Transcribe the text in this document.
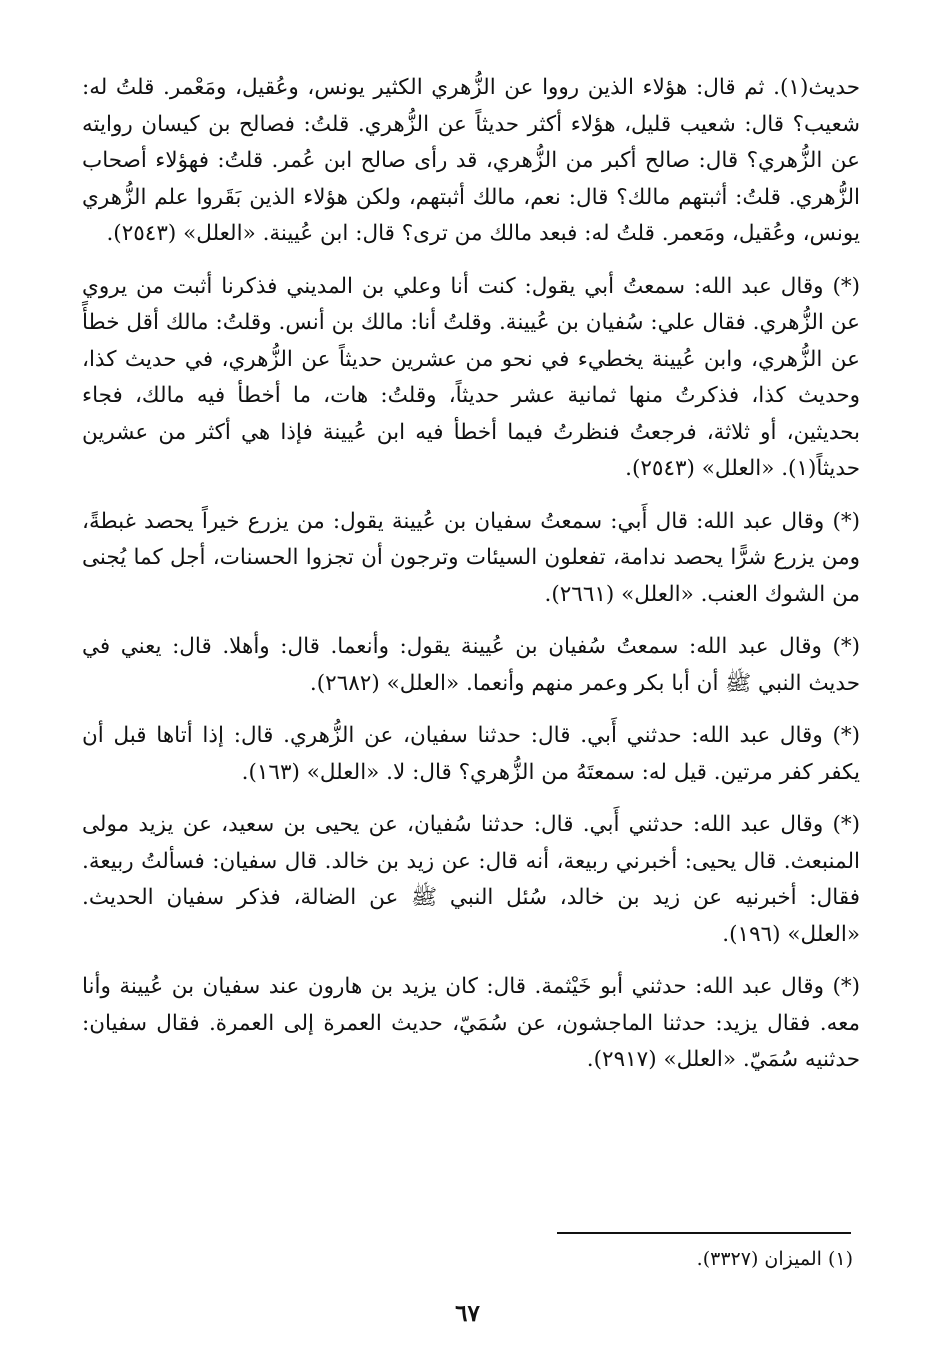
حديث(١). ثم قال: هؤلاء الذين رووا عن الزُّهري الكثير يونس، وعُقيل، ومَعْمر. قلتُ له: شعيب؟ قال: شعيب قليل، هؤلاء أكثر حديثاً عن الزُّهري. قلتُ: فصالح بن كيسان روايته عن الزُّهري؟ قال: صالح أكبر من الزُّهري، قد رأى صالح ابن عُمر. قلتُ: فهؤلاء أصحاب الزُّهري. قلتُ: أثبتهم مالك؟ قال: نعم، مالك أثبتهم، ولكن هؤلاء الذين بَقَروا علم الزُّهري يونس، وعُقيل، ومَعمر. قلتُ له: فبعد مالك من ترى؟ قال: ابن عُيينة. «العلل» (٢٥٤٣).

(*) وقال عبد الله: سمعتُ أبي يقول: كنت أنا وعلي بن المديني فذكرنا أثبت من يروي عن الزُّهري. فقال علي: سُفيان بن عُيينة. وقلتُ أنا: مالك بن أنس. وقلتُ: مالك أقل خطأً عن الزُّهري، وابن عُيينة يخطيء في نحو من عشرين حديثاً عن الزُّهري، في حديث كذا، وحديث كذا، فذكرتُ منها ثمانية عشر حديثاً، وقلتُ: هات، ما أخطأ فيه مالك، فجاء بحديثين، أو ثلاثة، فرجعتُ فنظرتُ فيما أخطأ فيه ابن عُيينة فإذا هي أكثر من عشرين حديثاً(١). «العلل» (٢٥٤٣).

(*) وقال عبد الله: قال أَبي: سمعتُ سفيان بن عُيينة يقول: من يزرع خيراً يحصد غبطةً، ومن يزرع شرًّا يحصد ندامة، تفعلون السيئات وترجون أن تجزوا الحسنات، أجل كما يُجنى من الشوك العنب. «العلل» (٢٦٦١).

(*) وقال عبد الله: سمعتُ سُفيان بن عُيينة يقول: وأنعما. قال: وأهلا. قال: يعني في حديث النبي ﷺ أن أبا بكر وعمر منهم وأنعما. «العلل» (٢٦٨٢).

(*) وقال عبد الله: حدثني أَبي. قال: حدثنا سفيان، عن الزُّهري. قال: إذا أتاها قبل أن يكفر كفر مرتين. قيل له: سمعتَهُ من الزُّهري؟ قال: لا. «العلل» (١٦٣).

(*) وقال عبد الله: حدثني أَبي. قال: حدثنا سُفيان، عن يحيى بن سعيد، عن يزيد مولى المنبعث. قال يحيى: أخبرني ربيعة، أنه قال: عن زيد بن خالد. قال سفيان: فسألتُ ربيعة. فقال: أخبرنيه عن زيد بن خالد، سُئل النبي ﷺ عن الضالة، فذكر سفيان الحديث. «العلل» (١٩٦).

(*) وقال عبد الله: حدثني أبو خَيْثمة. قال: كان يزيد بن هارون عند سفيان بن عُيينة وأنا معه. فقال يزيد: حدثنا الماجشون، عن سُمَيّ، حديث العمرة إلى العمرة. فقال سفيان: حدثنيه سُمَيّ. «العلل» (٢٩١٧).

(١) الميزان (٣٣٢٧).
٦٧
